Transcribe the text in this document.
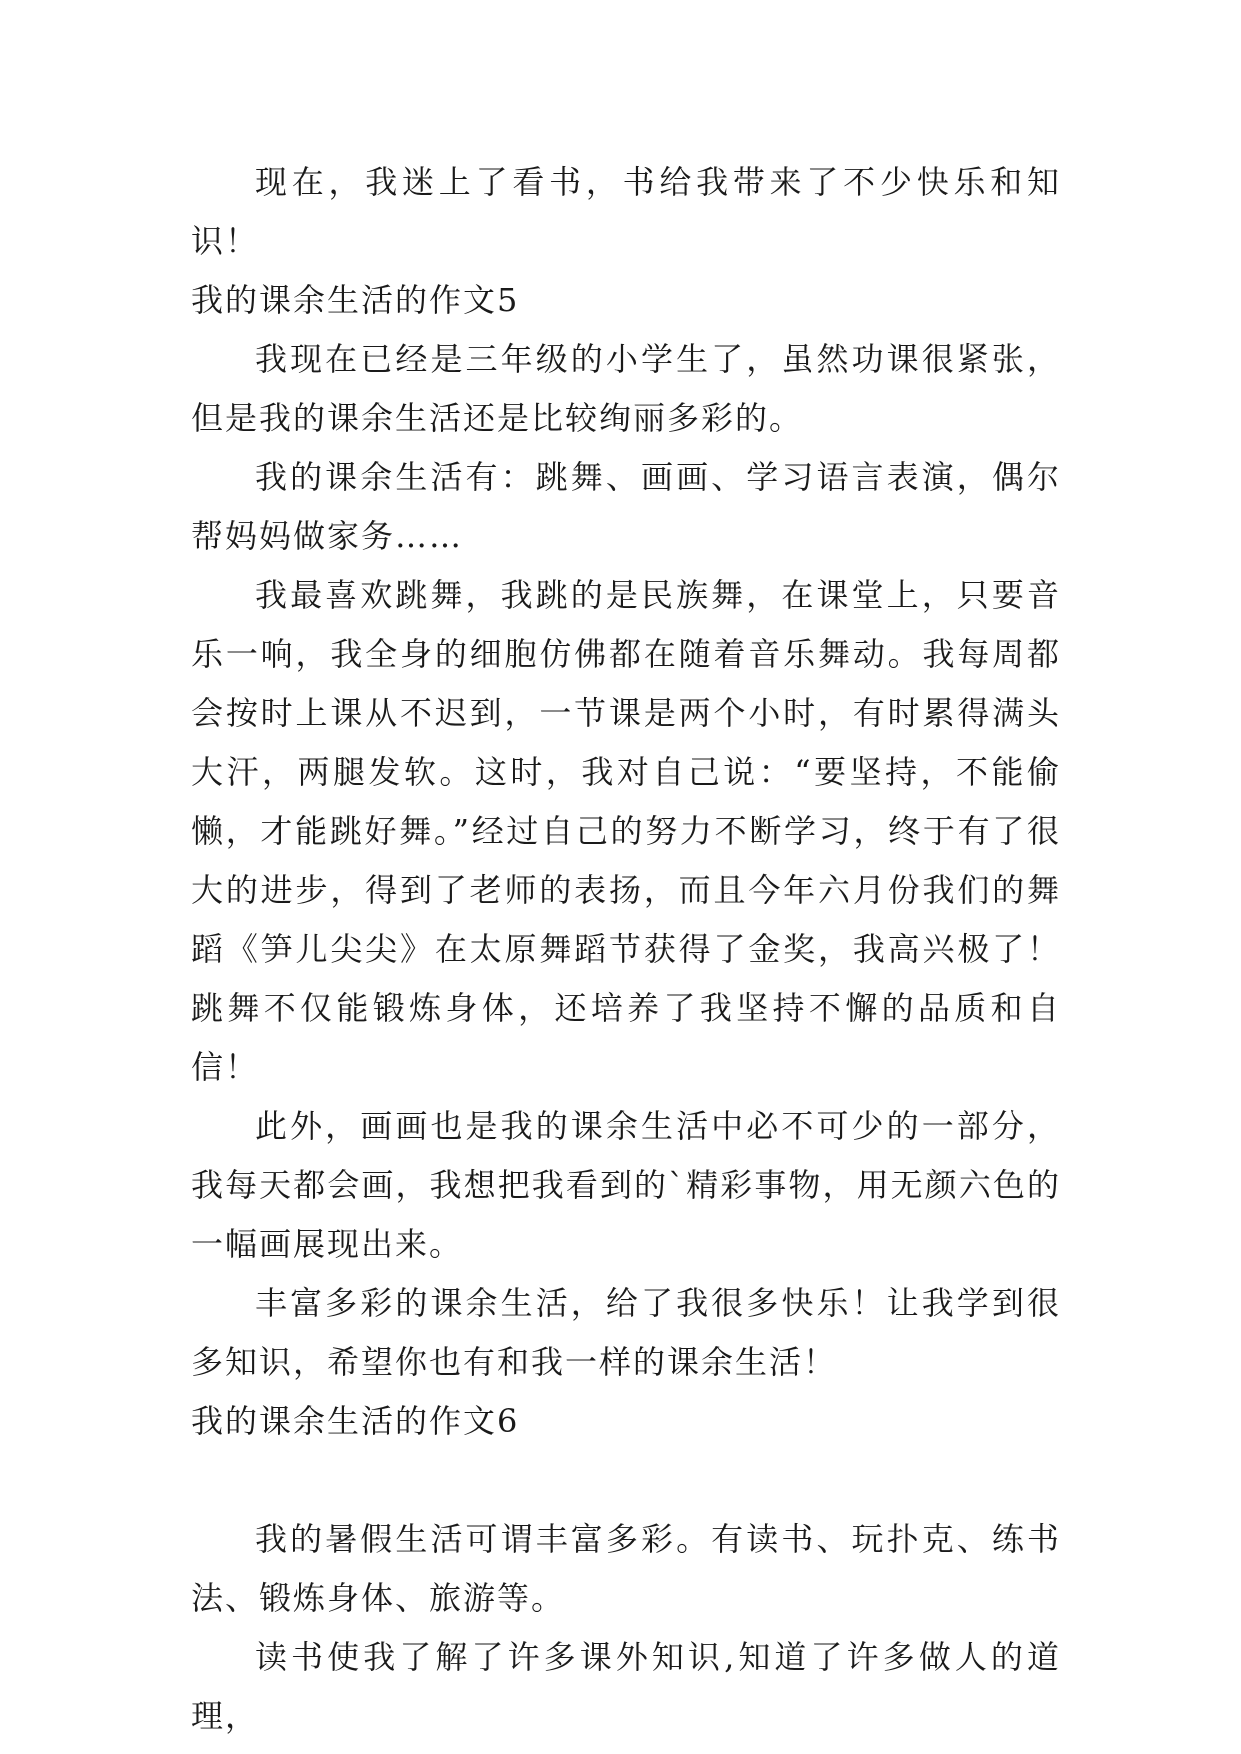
现在，我迷上了看书，书给我带来了不少快乐和知识！

我的课余生活的作文5

我现在已经是三年级的小学生了，虽然功课很紧张，但是我的课余生活还是比较绚丽多彩的。

我的课余生活有：跳舞、画画、学习语言表演，偶尔帮妈妈做家务……

我最喜欢跳舞，我跳的是民族舞，在课堂上，只要音乐一响，我全身的细胞仿佛都在随着音乐舞动。我每周都会按时上课从不迟到，一节课是两个小时，有时累得满头大汗，两腿发软。这时，我对自己说：“要坚持，不能偷懒，才能跳好舞。”经过自己的努力不断学习，终于有了很大的进步，得到了老师的表扬，而且今年六月份我们的舞蹈《笋儿尖尖》在太原舞蹈节获得了金奖，我高兴极了！跳舞不仅能锻炼身体，还培养了我坚持不懈的品质和自信！

此外，画画也是我的课余生活中必不可少的一部分，我每天都会画，我想把我看到的`精彩事物，用无颜六色的一幅画展现出来。

丰富多彩的课余生活，给了我很多快乐！让我学到很多知识，希望你也有和我一样的课余生活！

我的课余生活的作文6

我的暑假生活可谓丰富多彩。有读书、玩扑克、练书法、锻炼身体、旅游等。

读书使我了解了许多课外知识,知道了许多做人的道理，
